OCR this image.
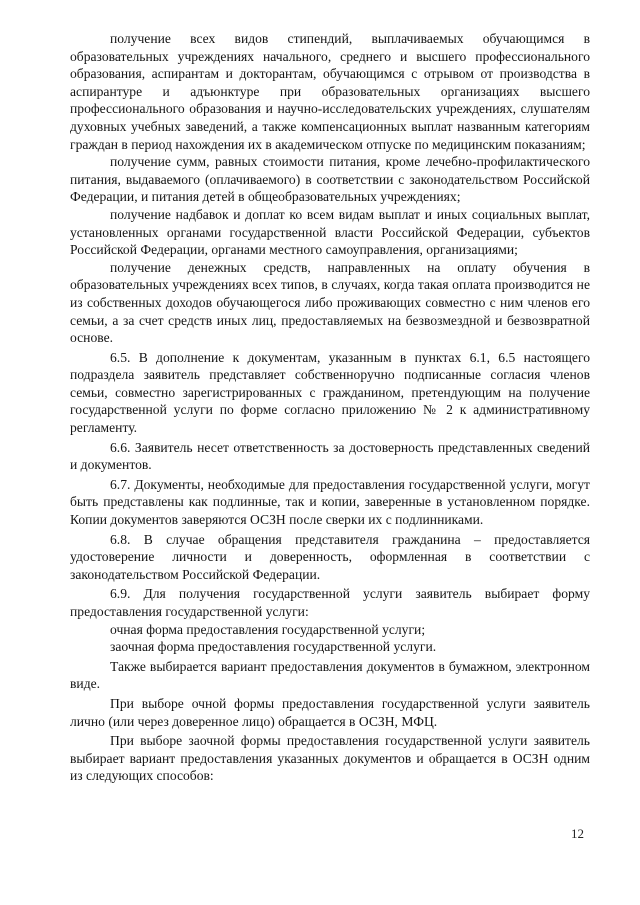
получение всех видов стипендий, выплачиваемых обучающимся в образовательных учреждениях начального, среднего и высшего профессионального образования, аспирантам и докторантам, обучающимся с отрывом от производства в аспирантуре и адъюнктуре при образовательных организациях высшего профессионального образования и научно-исследовательских учреждениях, слушателям духовных учебных заведений, а также компенсационных выплат названным категориям граждан в период нахождения их в академическом отпуске по медицинским показаниям;

получение сумм, равных стоимости питания, кроме лечебно-профилактического питания, выдаваемого (оплачиваемого) в соответствии с законодательством Российской Федерации, и питания детей в общеобразовательных учреждениях;

получение надбавок и доплат ко всем видам выплат и иных социальных выплат, установленных органами государственной власти Российской Федерации, субъектов Российской Федерации, органами местного самоуправления, организациями;

получение денежных средств, направленных на оплату обучения в образовательных учреждениях всех типов, в случаях, когда такая оплата производится не из собственных доходов обучающегося либо проживающих совместно с ним членов его семьи, а за счет средств иных лиц, предоставляемых на безвозмездной и безвозвратной основе.

6.5. В дополнение к документам, указанным в пунктах 6.1, 6.5 настоящего подраздела заявитель представляет собственноручно подписанные согласия членов семьи, совместно зарегистрированных с гражданином, претендующим на получение государственной услуги по форме согласно приложению № 2 к административному регламенту.

6.6. Заявитель несет ответственность за достоверность представленных сведений и документов.

6.7. Документы, необходимые для предоставления государственной услуги, могут быть представлены как подлинные, так и копии, заверенные в установленном порядке. Копии документов заверяются ОСЗН после сверки их с подлинниками.

6.8. В случае обращения представителя гражданина – предоставляется удостоверение личности и доверенность, оформленная в соответствии с законодательством Российской Федерации.

6.9. Для получения государственной услуги заявитель выбирает форму предоставления государственной услуги:

очная форма предоставления государственной услуги;

заочная форма предоставления государственной услуги.

Также выбирается вариант предоставления документов в бумажном, электронном виде.

При выборе очной формы предоставления государственной услуги заявитель лично (или через доверенное лицо) обращается в ОСЗН, МФЦ.

При выборе заочной формы предоставления государственной услуги заявитель выбирает вариант предоставления указанных документов и обращается в ОСЗН одним из следующих способов:

12
